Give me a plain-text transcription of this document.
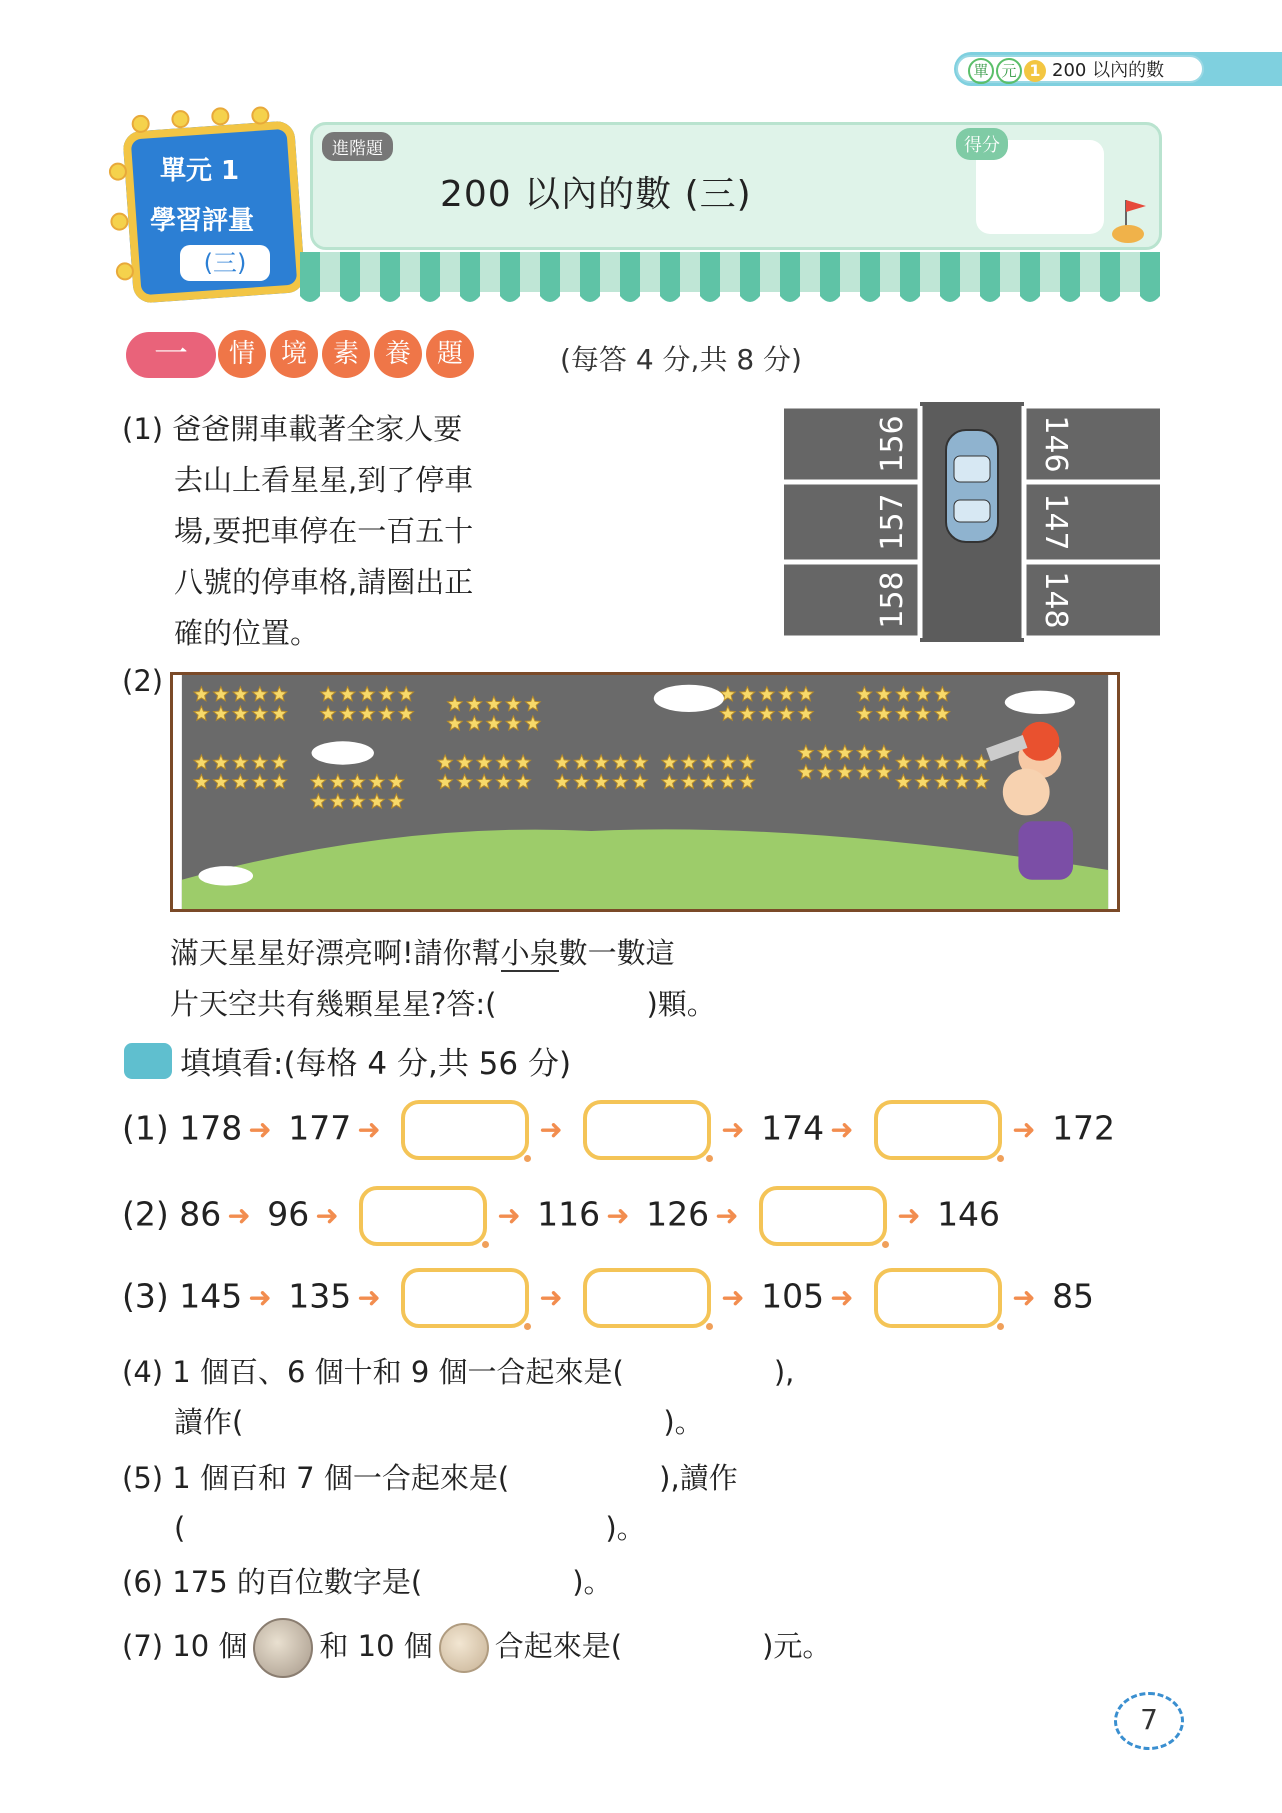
單 元 1 200 以內的數
單元 1
學習評量
(三)
進階題
200 以內的數 (三)
得分
一	情 境 素 養 題	(每答 4 分,共 8 分)
(1) 爸爸開車載著全家人要
去山上看星星,到了停車
場,要把車停在一百五十
八號的停車格,請圈出正
確的位置。
156
157
158
146
147
148
(2)
滿天星星好漂亮啊!請你幫小泉數一數這
片天空共有幾顆星星?答:(	)顆。
填填看:(每格 4 分,共 56 分)
(1) 178 ➜ 177 ➜	➜	➜ 174 ➜	➜ 172
(2) 86 ➜ 96 ➜	➜ 116 ➜ 126 ➜	➜ 146
(3) 145 ➜ 135 ➜	➜	➜ 105 ➜	➜ 85
(4) 1 個百、6 個十和 9 個一合起來是(	),
讀作(	)。
(5) 1 個百和 7 個一合起來是(	),讀作
(	)。
(6) 175 的百位數字是(	)。
(7) 10 個 和 10 個 合起來是(	)元。
7
